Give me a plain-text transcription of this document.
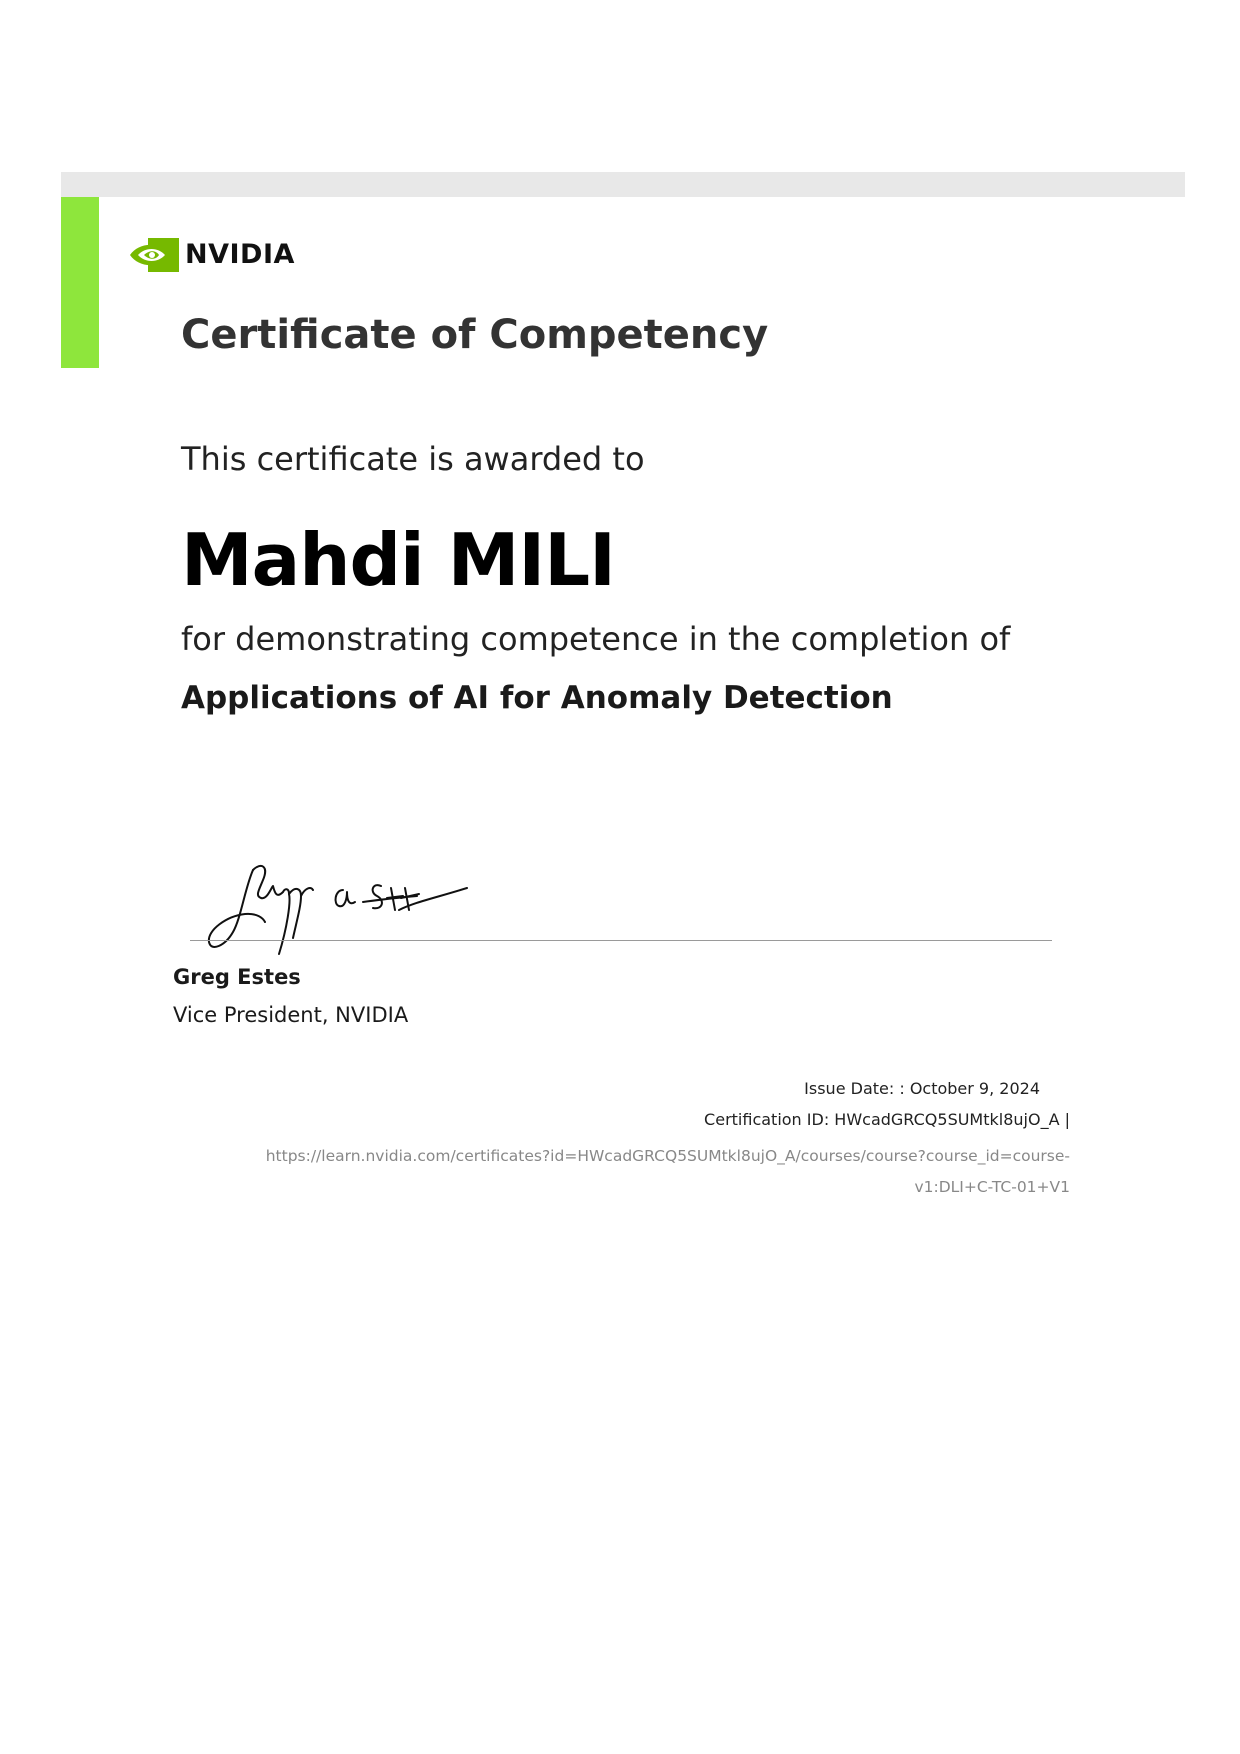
NVIDIA
Certificate of Competency
This certificate is awarded to
Mahdi MILI
for demonstrating competence in the completion of
Applications of AI for Anomaly Detection
Greg Estes
Vice President, NVIDIA
Issue Date: : October 9, 2024
Certification ID: HWcadGRCQ5SUMtkl8ujO_A |
https://learn.nvidia.com/certificates?id=HWcadGRCQ5SUMtkl8ujO_A/courses/course?course_id=course-
v1:DLI+C-TC-01+V1
